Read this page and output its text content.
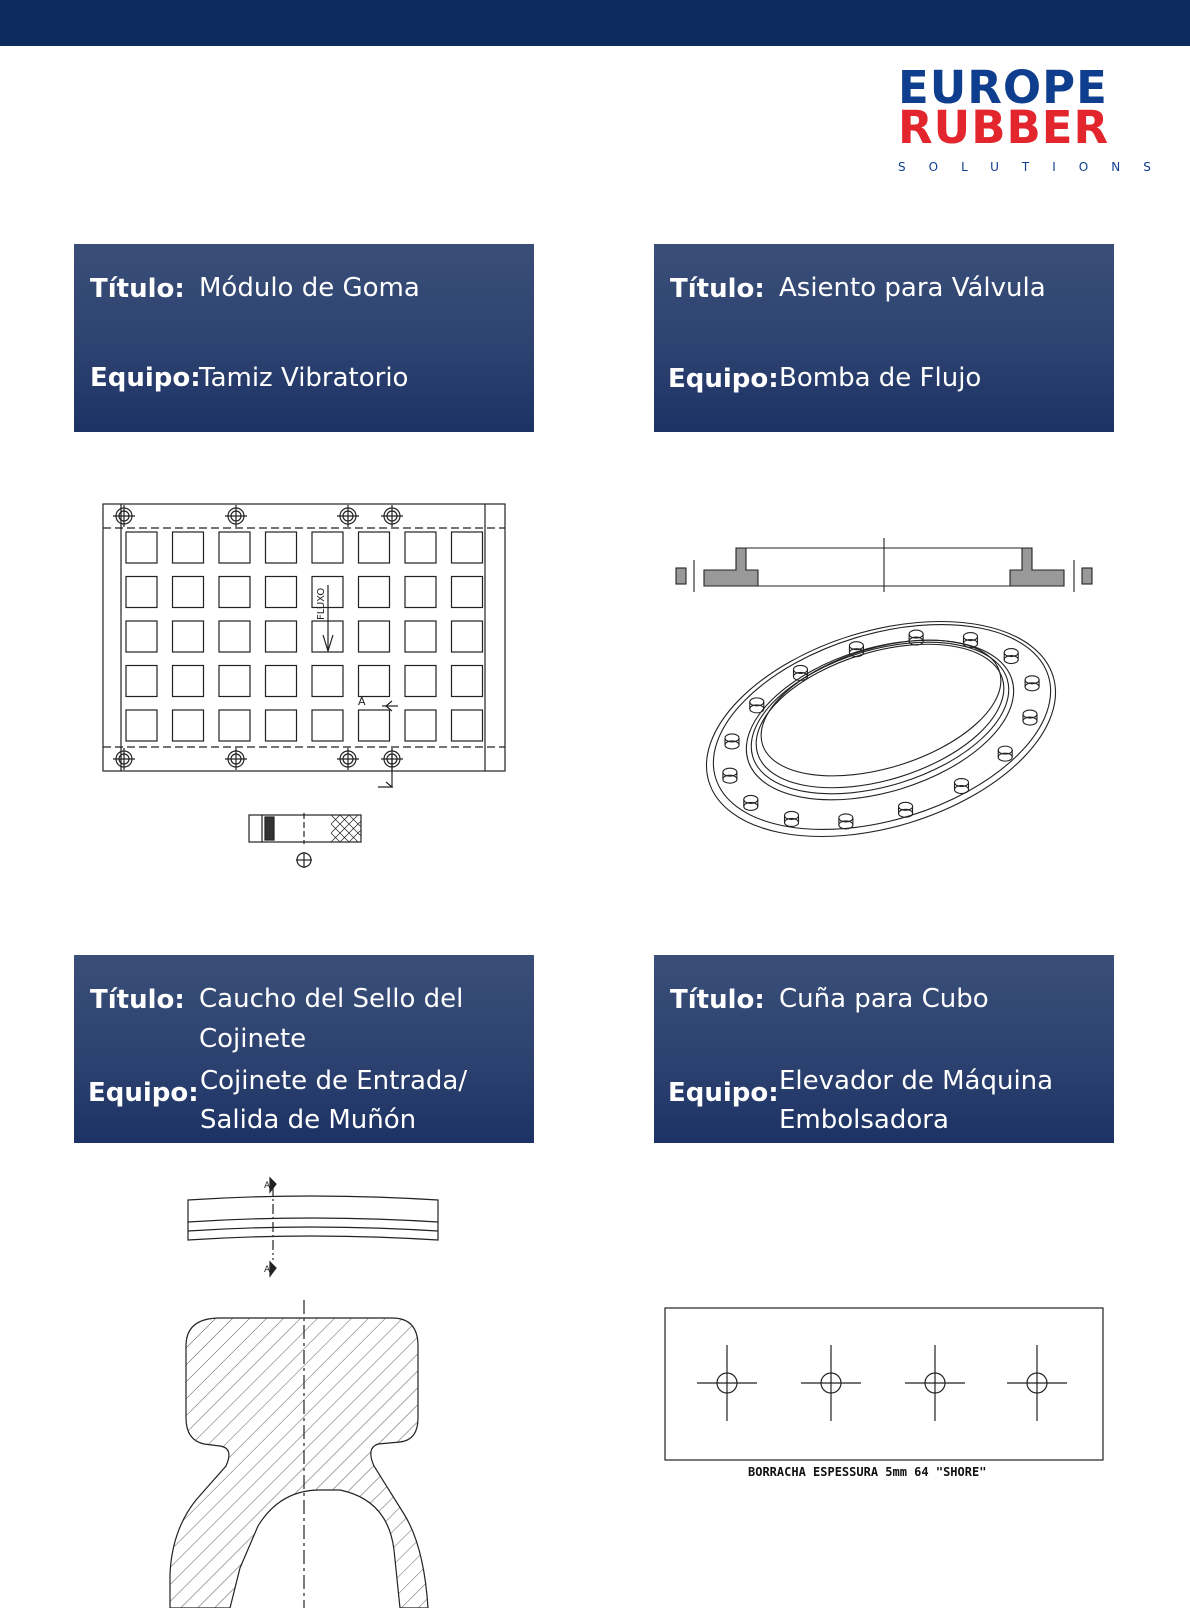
EUROPE
RUBBER
SOLUTIONS
Título: Módulo de Goma
Equipo:
Tamiz Vibratorio
Título: Asiento para Válvula
Equipo: Bomba de Flujo
Título: Caucho del Sello del
Cojinete
Equipo: Cojinete de Entrada/
Salida de Muñón
Título: Cuña para Cubo
Equipo: Elevador de Máquina
Embolsadora
FLUXO
A
A
A
BORRACHA ESPESSURA 5mm 64 "SHORE"
